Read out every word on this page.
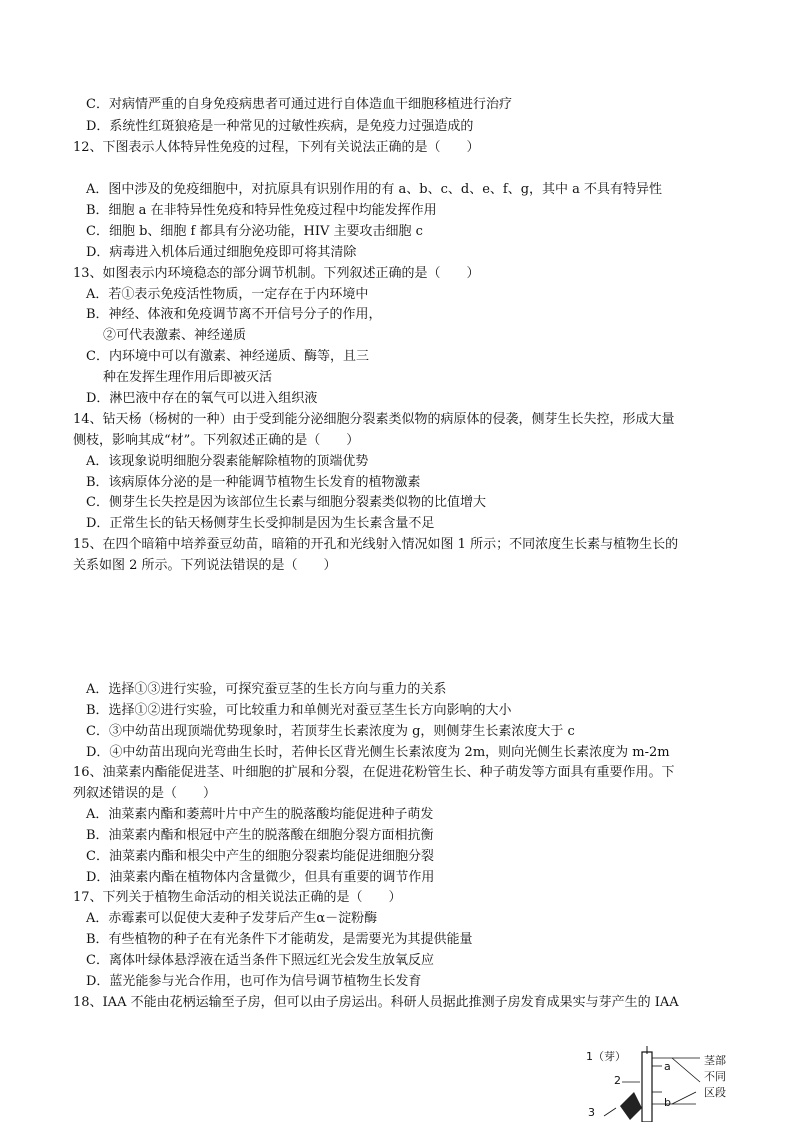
C．对病情严重的自身免疫病患者可通过进行自体造血干细胞移植进行治疗
D．系统性红斑狼疮是一种常见的过敏性疾病，是免疫力过强造成的
12、下图表示人体特异性免疫的过程，下列有关说法正确的是（　　）
A．图中涉及的免疫细胞中，对抗原具有识别作用的有 a、b、c、d、e、f、g，其中 a 不具有特异性
B．细胞 a 在非特异性免疫和特异性免疫过程中均能发挥作用
C．细胞 b、细胞 f 都具有分泌功能，HIV 主要攻击细胞 c
D．病毒进入机体后通过细胞免疫即可将其清除
13、如图表示内环境稳态的部分调节机制。下列叙述正确的是（　　）
A．若①表示免疫活性物质，一定存在于内环境中
B．神经、体液和免疫调节离不开信号分子的作用，
②可代表激素、神经递质
C．内环境中可以有激素、神经递质、酶等，且三
种在发挥生理作用后即被灭活
D．淋巴液中存在的氧气可以进入组织液
14、钻天杨（杨树的一种）由于受到能分泌细胞分裂素类似物的病原体的侵袭，侧芽生长失控，形成大量
侧枝，影响其成“材”。下列叙述正确的是（　　）
A．该现象说明细胞分裂素能解除植物的顶端优势
B．该病原体分泌的是一种能调节植物生长发育的植物激素
C．侧芽生长失控是因为该部位生长素与细胞分裂素类似物的比值增大
D．正常生长的钻天杨侧芽生长受抑制是因为生长素含量不足
15、在四个暗箱中培养蚕豆幼苗，暗箱的开孔和光线射入情况如图 1 所示；不同浓度生长素与植物生长的
关系如图 2 所示。下列说法错误的是（　　）
A．选择①③进行实验，可探究蚕豆茎的生长方向与重力的关系
B．选择①②进行实验，可比较重力和单侧光对蚕豆茎生长方向影响的大小
C．③中幼苗出现顶端优势现象时，若顶芽生长素浓度为 g，则侧芽生长素浓度大于 c
D．④中幼苗出现向光弯曲生长时，若伸长区背光侧生长素浓度为 2m，则向光侧生长素浓度为 m-2m
16、油菜素内酯能促进茎、叶细胞的扩展和分裂，在促进花粉管生长、种子萌发等方面具有重要作用。下
列叙述错误的是（　　）
A．油菜素内酯和萎蔫叶片中产生的脱落酸均能促进种子萌发
B．油菜素内酯和根冠中产生的脱落酸在细胞分裂方面相抗衡
C．油菜素内酯和根尖中产生的细胞分裂素均能促进细胞分裂
D．油菜素内酯在植物体内含量微少，但具有重要的调节作用
17、下列关于植物生命活动的相关说法正确的是（　　）
A．赤霉素可以促使大麦种子发芽后产生α－淀粉酶
B．有些植物的种子在有光条件下才能萌发，是需要光为其提供能量
C．离体叶绿体悬浮液在适当条件下照远红光会发生放氧反应
D．蓝光能参与光合作用，也可作为信号调节植物生长发育
18、IAA 不能由花柄运输至子房，但可以由子房运出。科研人员据此推测子房发育成果实与芽产生的 IAA
1（芽）
2
3
a
b
茎部
不同
区段
